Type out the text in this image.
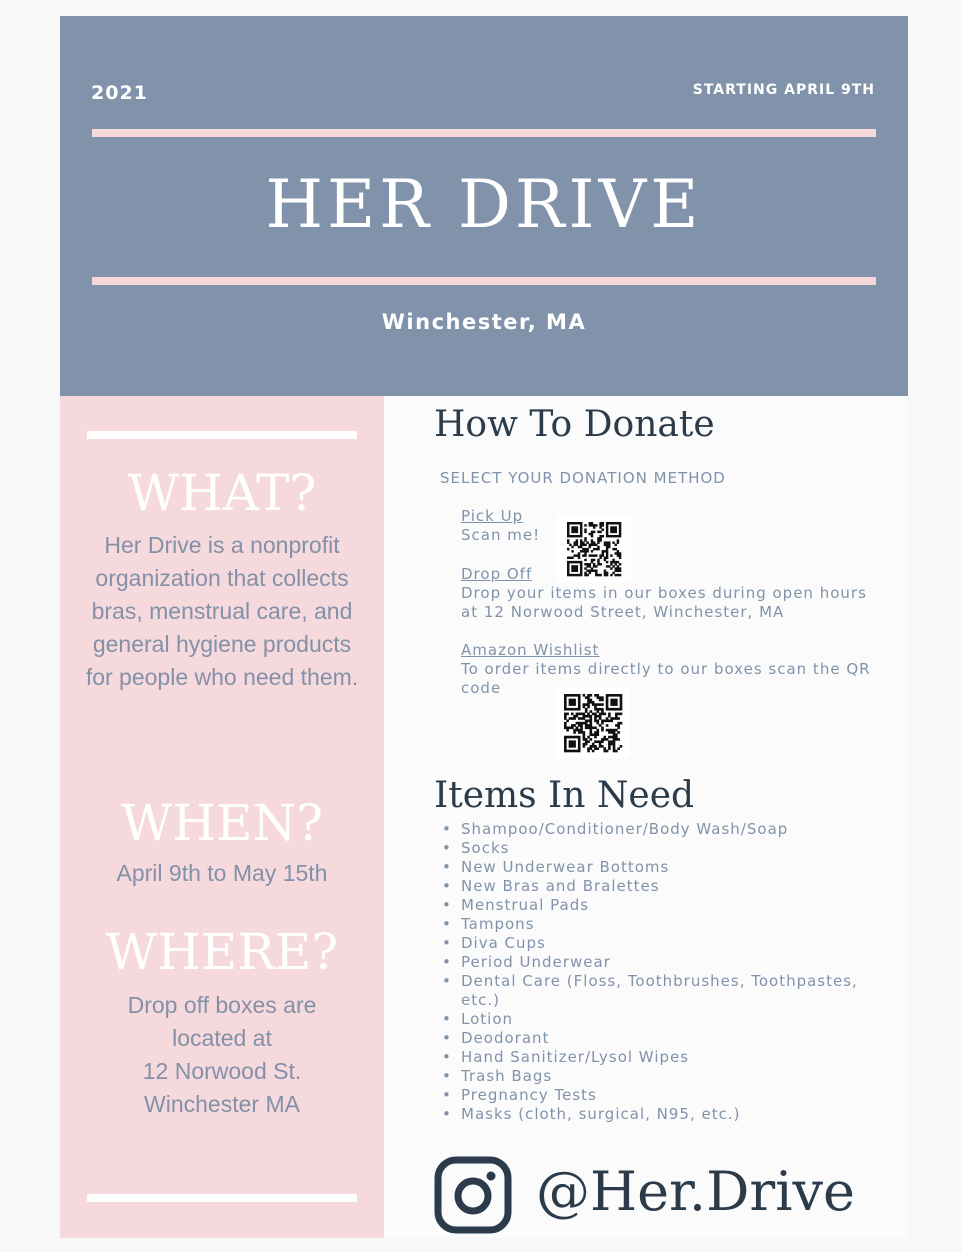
2021	STARTING APRIL 9TH
HER DRIVE
Winchester, MA
WHAT?
Her Drive is a nonprofit organization that collects bras, menstrual care, and general hygiene products for people who need them.
WHEN?
April 9th to May 15th
WHERE?
Drop off boxes are
located at
12 Norwood St.
Winchester MA
How To Donate
SELECT YOUR DONATION METHOD
Pick Up
Scan me!
Drop Off
Drop your items in our boxes during open hours
at 12 Norwood Street, Winchester, MA
Amazon Wishlist
To order items directly to our boxes scan the QR
code
Items In Need
• Shampoo/Conditioner/Body Wash/Soap
• Socks
• New Underwear Bottoms
• New Bras and Bralettes
• Menstrual Pads
• Tampons
• Diva Cups
• Period Underwear
• Dental Care (Floss, Toothbrushes, Toothpastes, etc.)
• Lotion
• Deodorant
• Hand Sanitizer/Lysol Wipes
• Trash Bags
• Pregnancy Tests
• Masks (cloth, surgical, N95, etc.)
@Her.Drive
